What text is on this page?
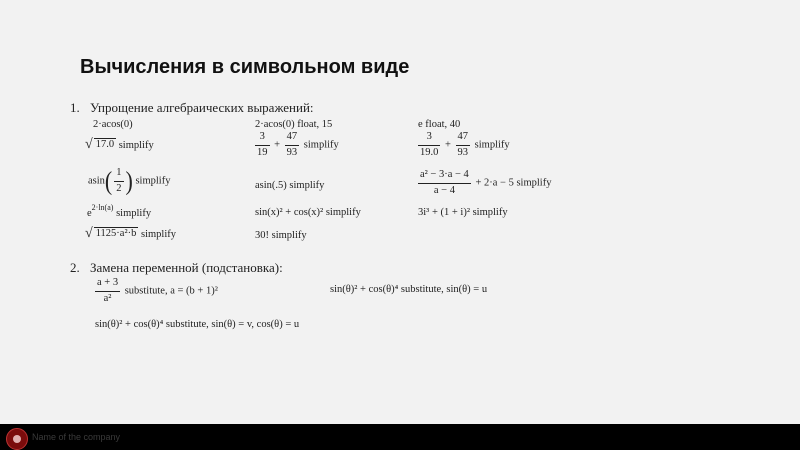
Вычисления в символьном виде
1. Упрощение алгебраических выражений:
2·acos(0)	2·acos(0) float, 15	e float, 40
√ 17.0 simplify	$\frac{3}{19} + \frac{47}{93}$ simplify	$\frac{3}{19.0} + \frac{47}{93}$ simplify
$asin( \frac{1}{2}$ ) simplify	asin(.5) simplify	$\frac{\text{a² − 3·a − 4}}{a - 4} + 2\cdot a - 5$ simplify
$e^{2\cdot ln(a)}$ simplify	sin(x)² + cos(x)² simplify	3i³ + (1 + i)² simplify
√ 1125·a²·b simplify	30! simplify
2. Замена переменной (подстановка):
$\frac{a + 3}{\text{a²}}$ substitute, a = (b + 1)²	sin(θ)² + cos(θ)⁴ substitute, sin(θ) = u
sin(θ)² + cos(θ)⁴ substitute, sin(θ) = v, cos(θ) = u
Name of the company
